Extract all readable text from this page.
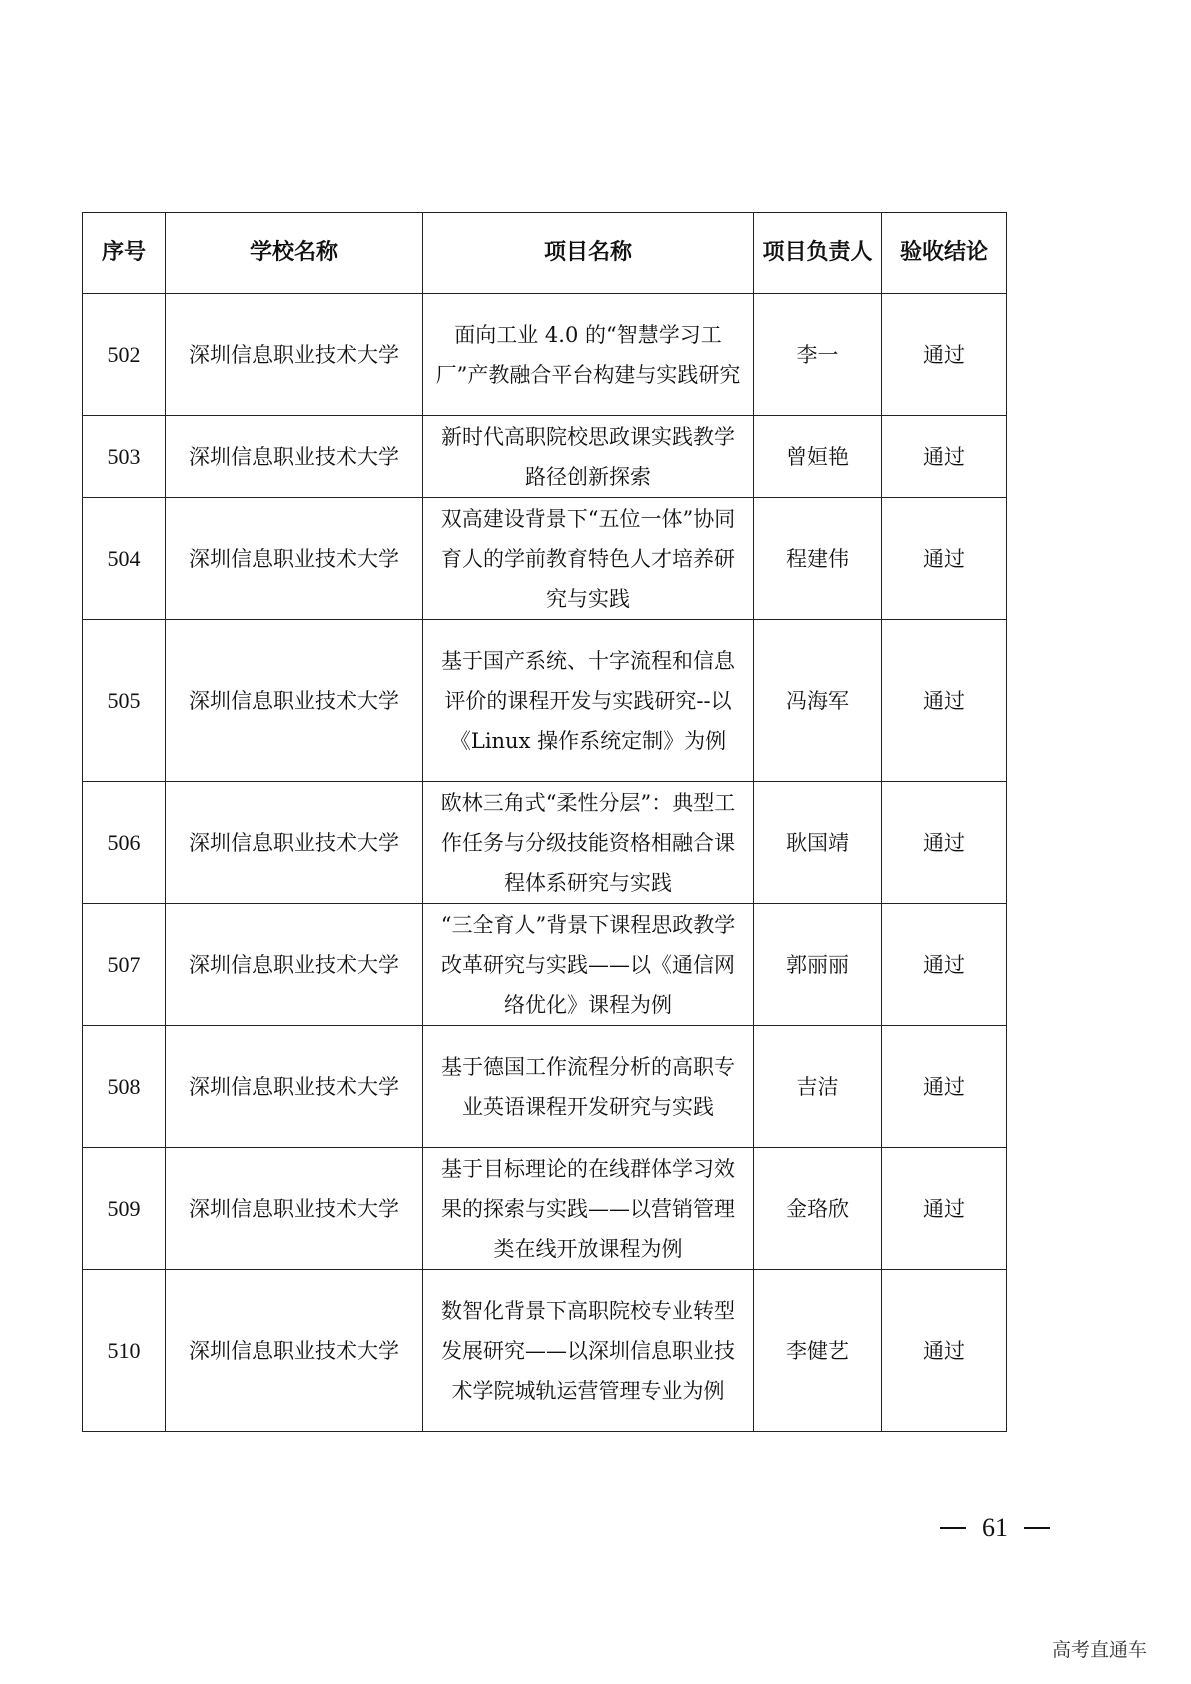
序号	学校名称	项目名称	项目负责人	验收结论
502	深圳信息职业技术大学	面向工业 4.0 的“智慧学习工厂”产教融合平台构建与实践研究	李一	通过
503	深圳信息职业技术大学	新时代高职院校思政课实践教学路径创新探索	曾姮艳	通过
504	深圳信息职业技术大学	双高建设背景下“五位一体”协同育人的学前教育特色人才培养研究与实践	程建伟	通过
505	深圳信息职业技术大学	基于国产系统、十字流程和信息评价的课程开发与实践研究--以《Linux 操作系统定制》为例	冯海军	通过
506	深圳信息职业技术大学	欧林三角式“柔性分层”：典型工作任务与分级技能资格相融合课程体系研究与实践	耿国靖	通过
507	深圳信息职业技术大学	“三全育人”背景下课程思政教学改革研究与实践——以《通信网络优化》课程为例	郭丽丽	通过
508	深圳信息职业技术大学	基于德国工作流程分析的高职专业英语课程开发研究与实践	吉洁	通过
509	深圳信息职业技术大学	基于目标理论的在线群体学习效果的探索与实践——以营销管理类在线开放课程为例	金珞欣	通过
510	深圳信息职业技术大学	数智化背景下高职院校专业转型发展研究——以深圳信息职业技术学院城轨运营管理专业为例	李健艺	通过
61
高考直通车
